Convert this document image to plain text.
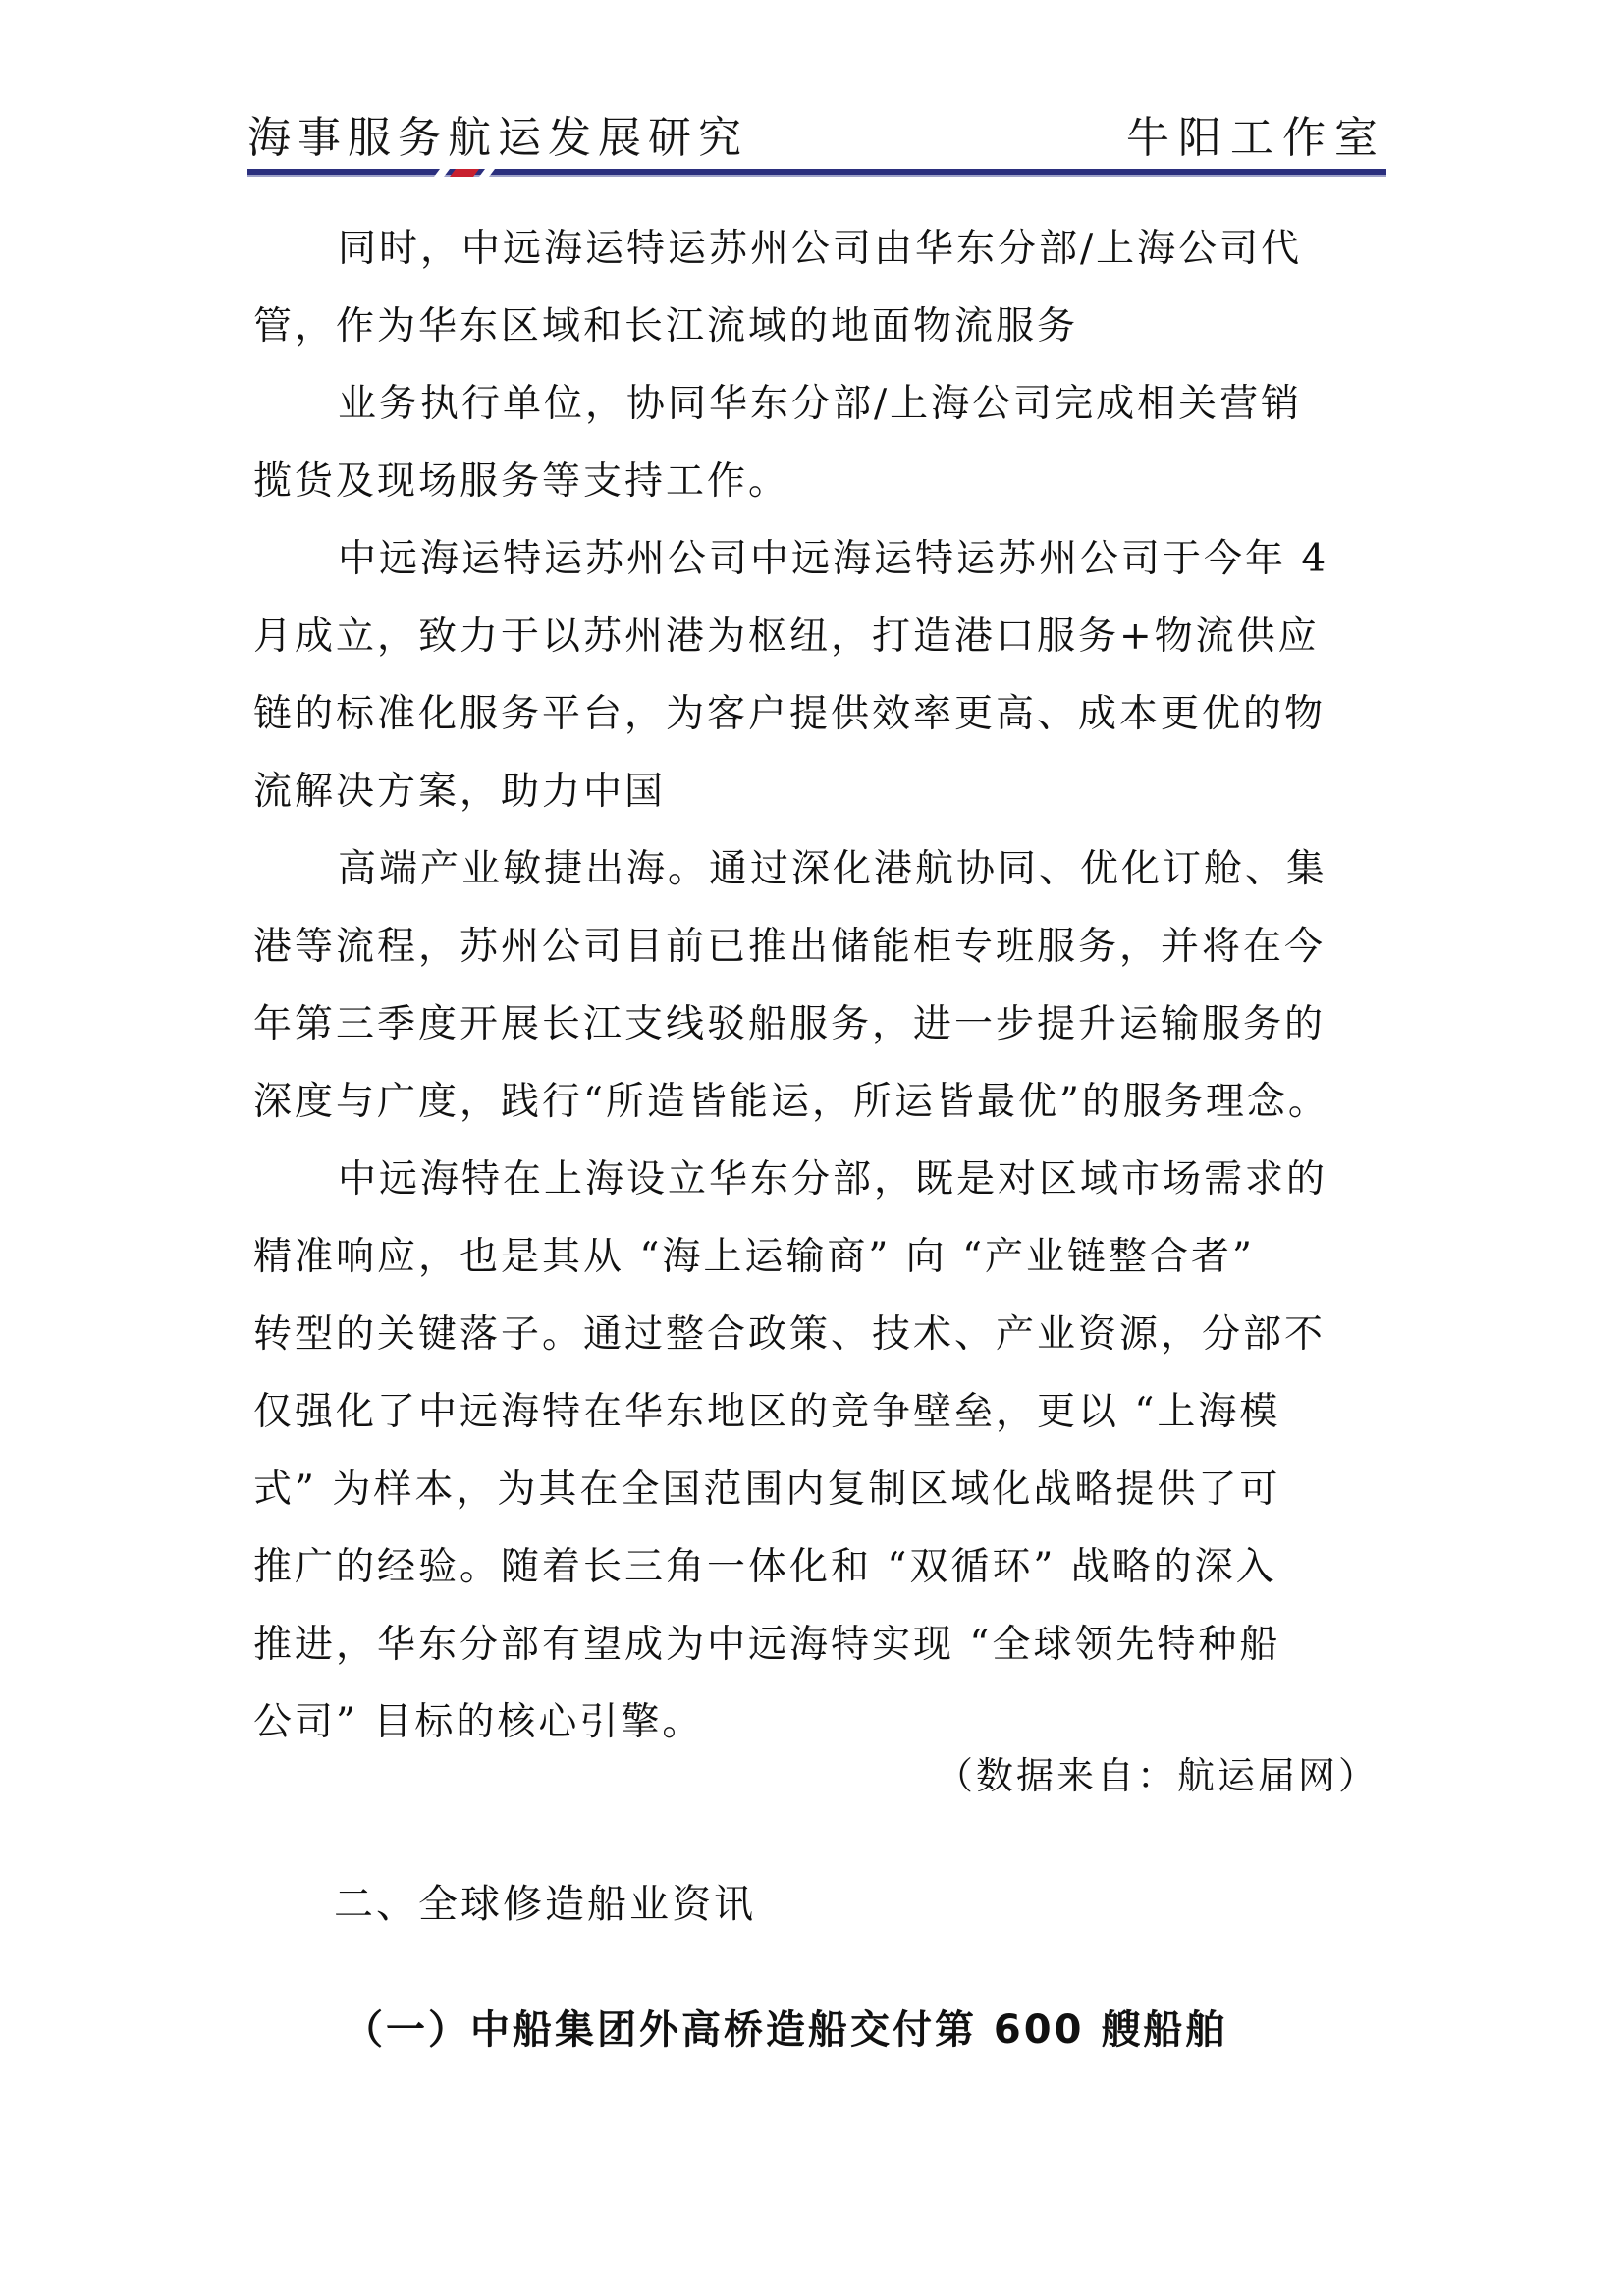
海事服务航运发展研究	牛阳工作室
同时，中远海运特运苏州公司由华东分部/上海公司代
管，作为华东区域和长江流域的地面物流服务
业务执行单位，协同华东分部/上海公司完成相关营销
揽货及现场服务等支持工作。
中远海运特运苏州公司中远海运特运苏州公司于今年 4
月成立，致力于以苏州港为枢纽，打造港口服务+物流供应
链的标准化服务平台，为客户提供效率更高、成本更优的物
流解决方案，助力中国
高端产业敏捷出海。通过深化港航协同、优化订舱、集
港等流程，苏州公司目前已推出储能柜专班服务，并将在今
年第三季度开展长江支线驳船服务，进一步提升运输服务的
深度与广度，践行“所造皆能运，所运皆最优”的服务理念。
中远海特在上海设立华东分部，既是对区域市场需求的
精准响应，也是其从 “海上运输商” 向 “产业链整合者”
转型的关键落子。通过整合政策、技术、产业资源，分部不
仅强化了中远海特在华东地区的竞争壁垒，更以 “上海模
式” 为样本，为其在全国范围内复制区域化战略提供了可
推广的经验。随着长三角一体化和 “双循环” 战略的深入
推进，华东分部有望成为中远海特实现 “全球领先特种船
公司” 目标的核心引擎。
（数据来自：航运届网）
二、全球修造船业资讯
（一）中船集团外高桥造船交付第 600 艘船舶
